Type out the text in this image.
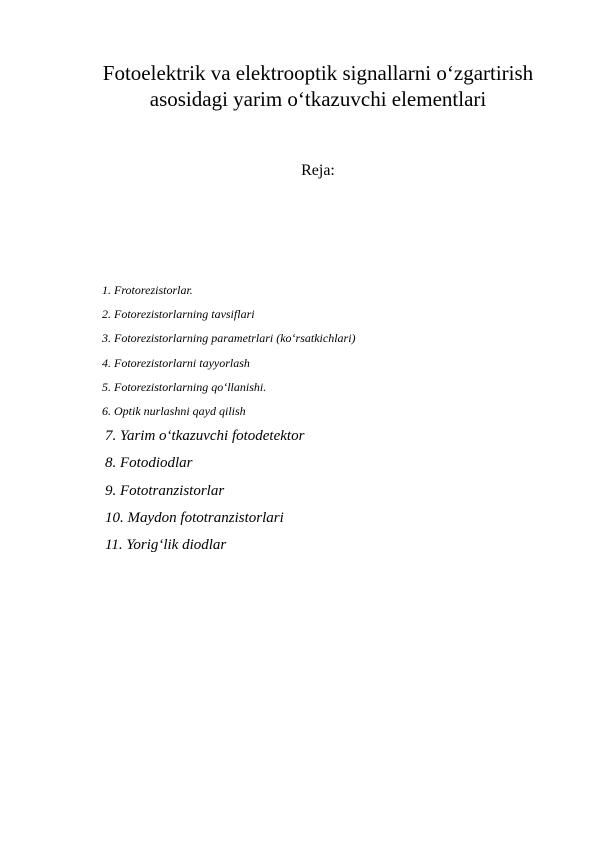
Fotoelektrik va elektrooptik signallarni o‘zgartirish
asosidagi yarim o‘tkazuvchi elementlari
Reja:
1. Frotorezistorlar.
2. Fotorezistorlarning tavsiflari
3. Fotorezistorlarning parametrlari (ko‘rsatkichlari)
4. Fotorezistorlarni tayyorlash
5. Fotorezistorlarning qo‘llanishi.
6. Optik nurlashni qayd qilish
7. Yarim o‘tkazuvchi fotodetektor
8. Fotodiodlar
9. Fototranzistorlar
10. Maydon fototranzistorlari
11. Yorig‘lik diodlar
